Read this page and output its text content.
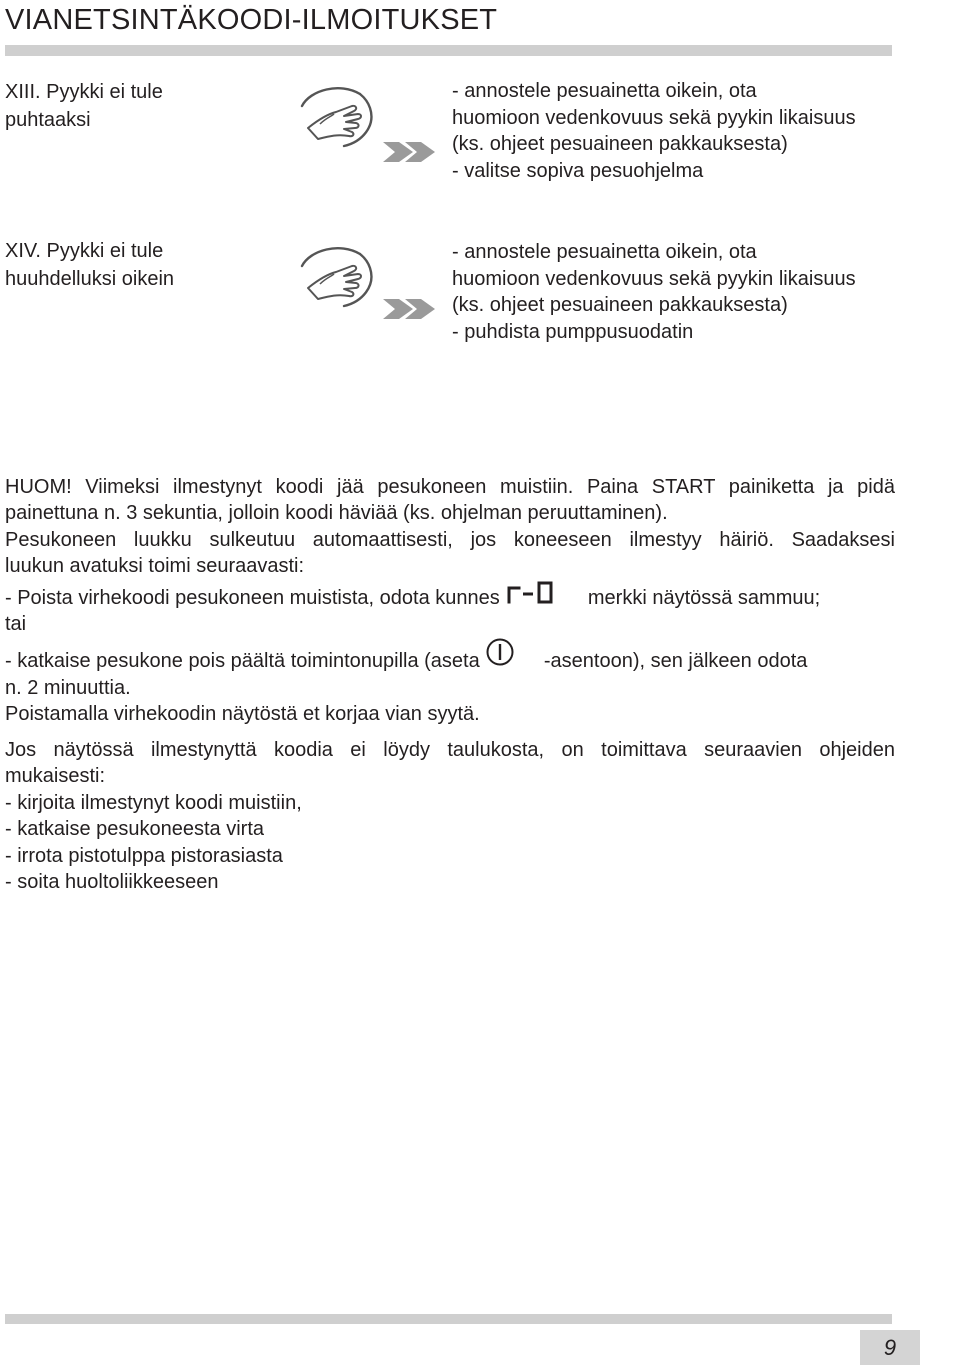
VIANETSINTÄKOODI-ILMOITUKSET

XIII. Pyykki ei tule
puhtaaksi

- annostele pesuainetta oikein, ota
huomioon vedenkovuus sekä pyykin likaisuus
(ks. ohjeet pesuaineen pakkauksesta)
- valitse sopiva pesuohjelma

XIV. Pyykki ei tule
huuhdelluksi oikein

- annostele pesuainetta oikein, ota
huomioon vedenkovuus sekä pyykin likaisuus
(ks. ohjeet pesuaineen pakkauksesta)
- puhdista pumppusuodatin
HUOM! Viimeksi ilmestynyt koodi jää pesukoneen muistiin. Paina START painiketta ja pidä
painettuna n. 3 sekuntia, jolloin koodi häviää (ks. ohjelman peruuttaminen).
Pesukoneen luukku sulkeutuu automaattisesti, jos koneeseen ilmestyy häiriö. Saadaksesi
luukun avatuksi toimi seuraavasti:
- Poista virhekoodi pesukoneen muistista, odota kunnes	merkki näytössä sammuu;
tai
- katkaise pesukone pois päältä toimintonupilla (aseta	-asentoon), sen jälkeen odota
n. 2 minuuttia.
Poistamalla virhekoodin näytöstä et korjaa vian syytä.
Jos näytössä ilmestynyttä koodia ei löydy taulukosta, on toimittava seuraavien ohjeiden
mukaisesti:
- kirjoita ilmestynyt koodi muistiin,
- katkaise pesukoneesta virta
- irrota pistotulppa pistorasiasta
- soita huoltoliikkeeseen
9
